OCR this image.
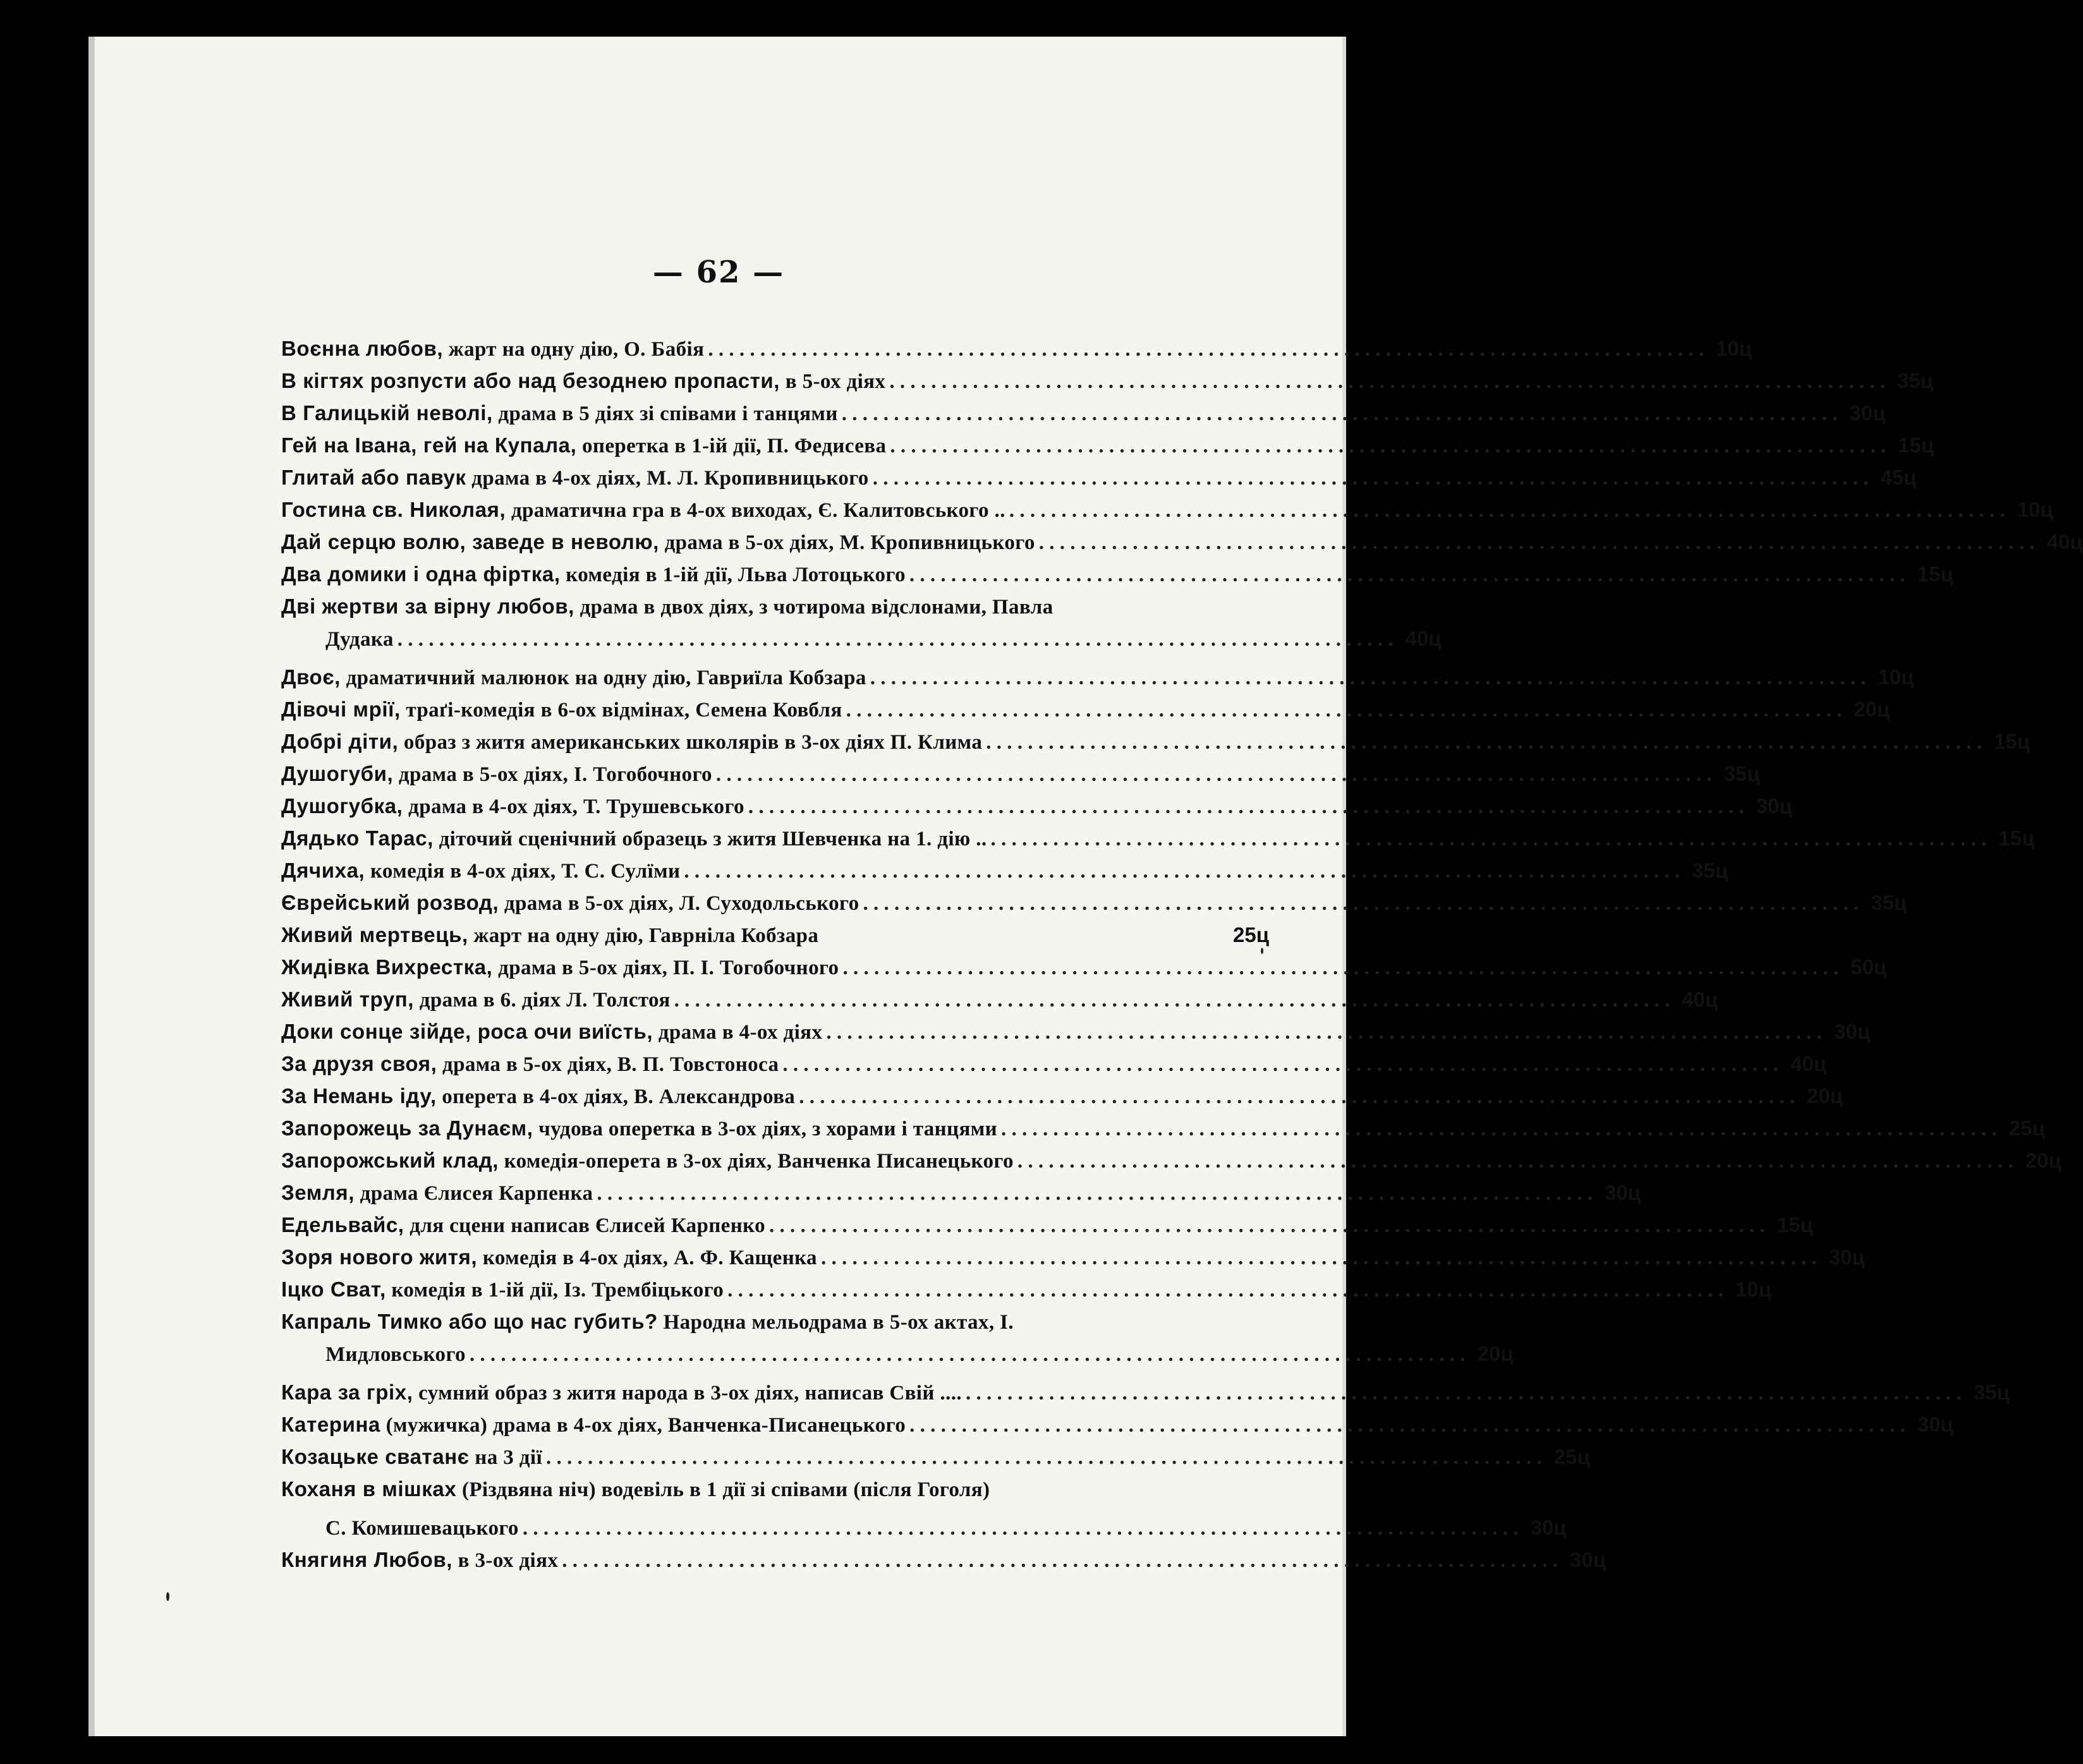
— 62 —
Воєнна любов, жарт на одну дію, О. Бабія . . .	10ц
В кігтях розпусти або над безоднею пропасти, в 5-ох діях . . .	35ц
В Галицькій неволі, драма в 5 діях зі співами і танцями . . .	30ц
Гей на Івана, гей на Купала, оперетка в 1-ій дії, П. Федисева . . .	15ц
Глитай або павук драма в 4-ох діях, М. Л. Кропивницького . . .	45ц
Гостина св. Николая, драматична гра в 4-ох виходах, Є. Калитовського .. . . .	10ц
Дай серцю волю, заведе в неволю, драма в 5-ох діях, М. Кропивницького . . .	40ц
Два домики і одна фіртка, комедія в 1-ій дії, Льва Лотоцького . . .	15ц
Дві жертви за вірну любов, драма в двох діях, з чотирома відслонами, Павла
Дудака . . .	40ц
Двоє, драматичний малюнок на одну дію, Гавриїла Кобзара . . .	10ц
Дівочі мрії, траґі-комедія в 6-ох відмінах, Семена Ковбля . . .	20ц
Добрі діти, образ з житя американських школярів в 3-ох діях П. Клима . . .	15ц
Душогуби, драма в 5-ох діях, І. Тогобочного . . .	35ц
Душогубка, драма в 4-ох діях, Т. Трушевського . . .	30ц
Дядько Тарас, діточий сценічний образець з житя Шевченка на 1. дію .. . . .	15ц
Дячиха, комедія в 4-ох діях, Т. С. Сулїми . . .	35ц
Єврейський розвод, драма в 5-ох діях, Л. Суходольського . . .	35ц
Живий мертвець, жарт на одну дію, Гаврніла Кобзара	25ц
Жидівка Вихрестка, драма в 5-ох діях, П. І. Тогобочного . . .	50ц
Живий труп, драма в 6. діях Л. Толстоя . . .	40ц
Доки сонце зійде, роса очи виїсть, драма в 4-ох діях . . .	30ц
За друзя своя, драма в 5-ох діях, В. П. Товстоноса . . .	40ц
За Немань іду, оперета в 4-ох діях, В. Александрова . . .	20ц
Запорожець за Дунаєм, чудова оперетка в 3-ох діях, з хорами і танцями . . .	25ц
Запорожський клад, комедія-оперета в 3-ох діях, Ванченка Писанецького . . .	20ц
Земля, драма Єлисея Карпенка . . .	30ц
Едельвайс, для сцени написав Єлисей Карпенко . . .	15ц
Зоря нового житя, комедія в 4-ох діях, А. Ф. Кащенка . . .	30ц
Іцко Сват, комедія в 1-ій дії, Із. Трембіцького . . .	10ц
Капраль Тимко або що нас губить? Народна мельодрама в 5-ох актах, І.
Мидловського . . .	20ц
Кара за гріх, сумний образ з житя народа в 3-ох діях, написав Свій .... . . .	35ц
Катерина (мужичка) драма в 4-ох діях, Ванченка-Писанецького . . .	30ц
Козацьке сватанє на 3 дії . . .	25ц
Коханя в мішках (Різдвяна ніч) водевіль в 1 дії зі співами (після Гоголя)
С. Комишевацького . . .	30ц
Княгиня Любов, в 3-ох діях . . .	30ц
